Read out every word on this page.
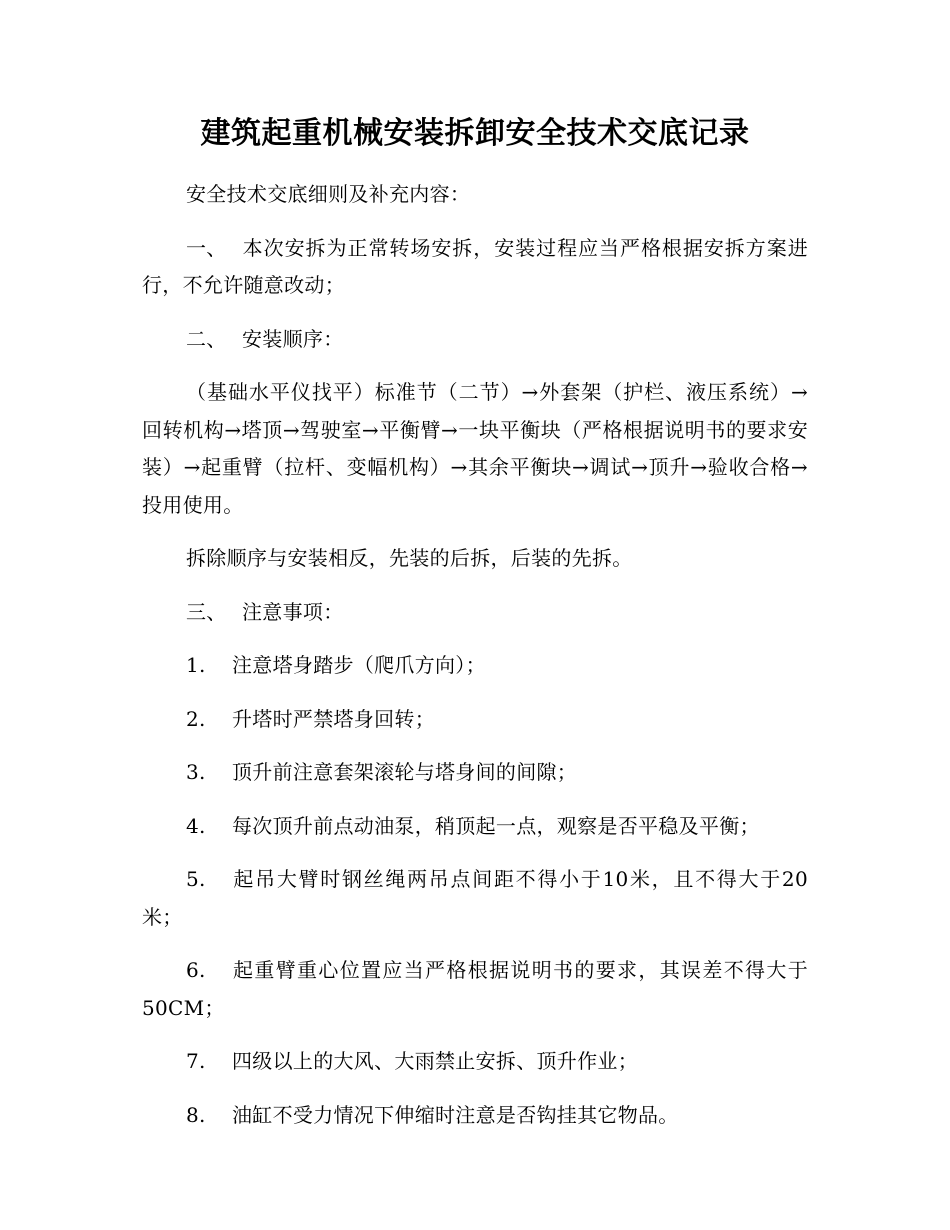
建筑起重机械安装拆卸安全技术交底记录

安全技术交底细则及补充内容：

一、 本次安拆为正常转场安拆，安装过程应当严格根据安拆方案进行，不允许随意改动；

二、 安装顺序：

（基础水平仪找平）标准节（二节）→外套架（护栏、液压系统）→回转机构→塔顶→驾驶室→平衡臂→一块平衡块（严格根据说明书的要求安装）→起重臂（拉杆、变幅机构）→其余平衡块→调试→顶升→验收合格→投用使用。

拆除顺序与安装相反，先装的后拆，后装的先拆。

三、 注意事项：

1. 注意塔身踏步（爬爪方向）；

2. 升塔时严禁塔身回转；

3. 顶升前注意套架滚轮与塔身间的间隙；

4. 每次顶升前点动油泵，稍顶起一点，观察是否平稳及平衡；

5. 起吊大臂时钢丝绳两吊点间距不得小于10米，且不得大于20米；

6. 起重臂重心位置应当严格根据说明书的要求，其误差不得大于50CM；

7. 四级以上的大风、大雨禁止安拆、顶升作业；

8. 油缸不受力情况下伸缩时注意是否钩挂其它物品。
